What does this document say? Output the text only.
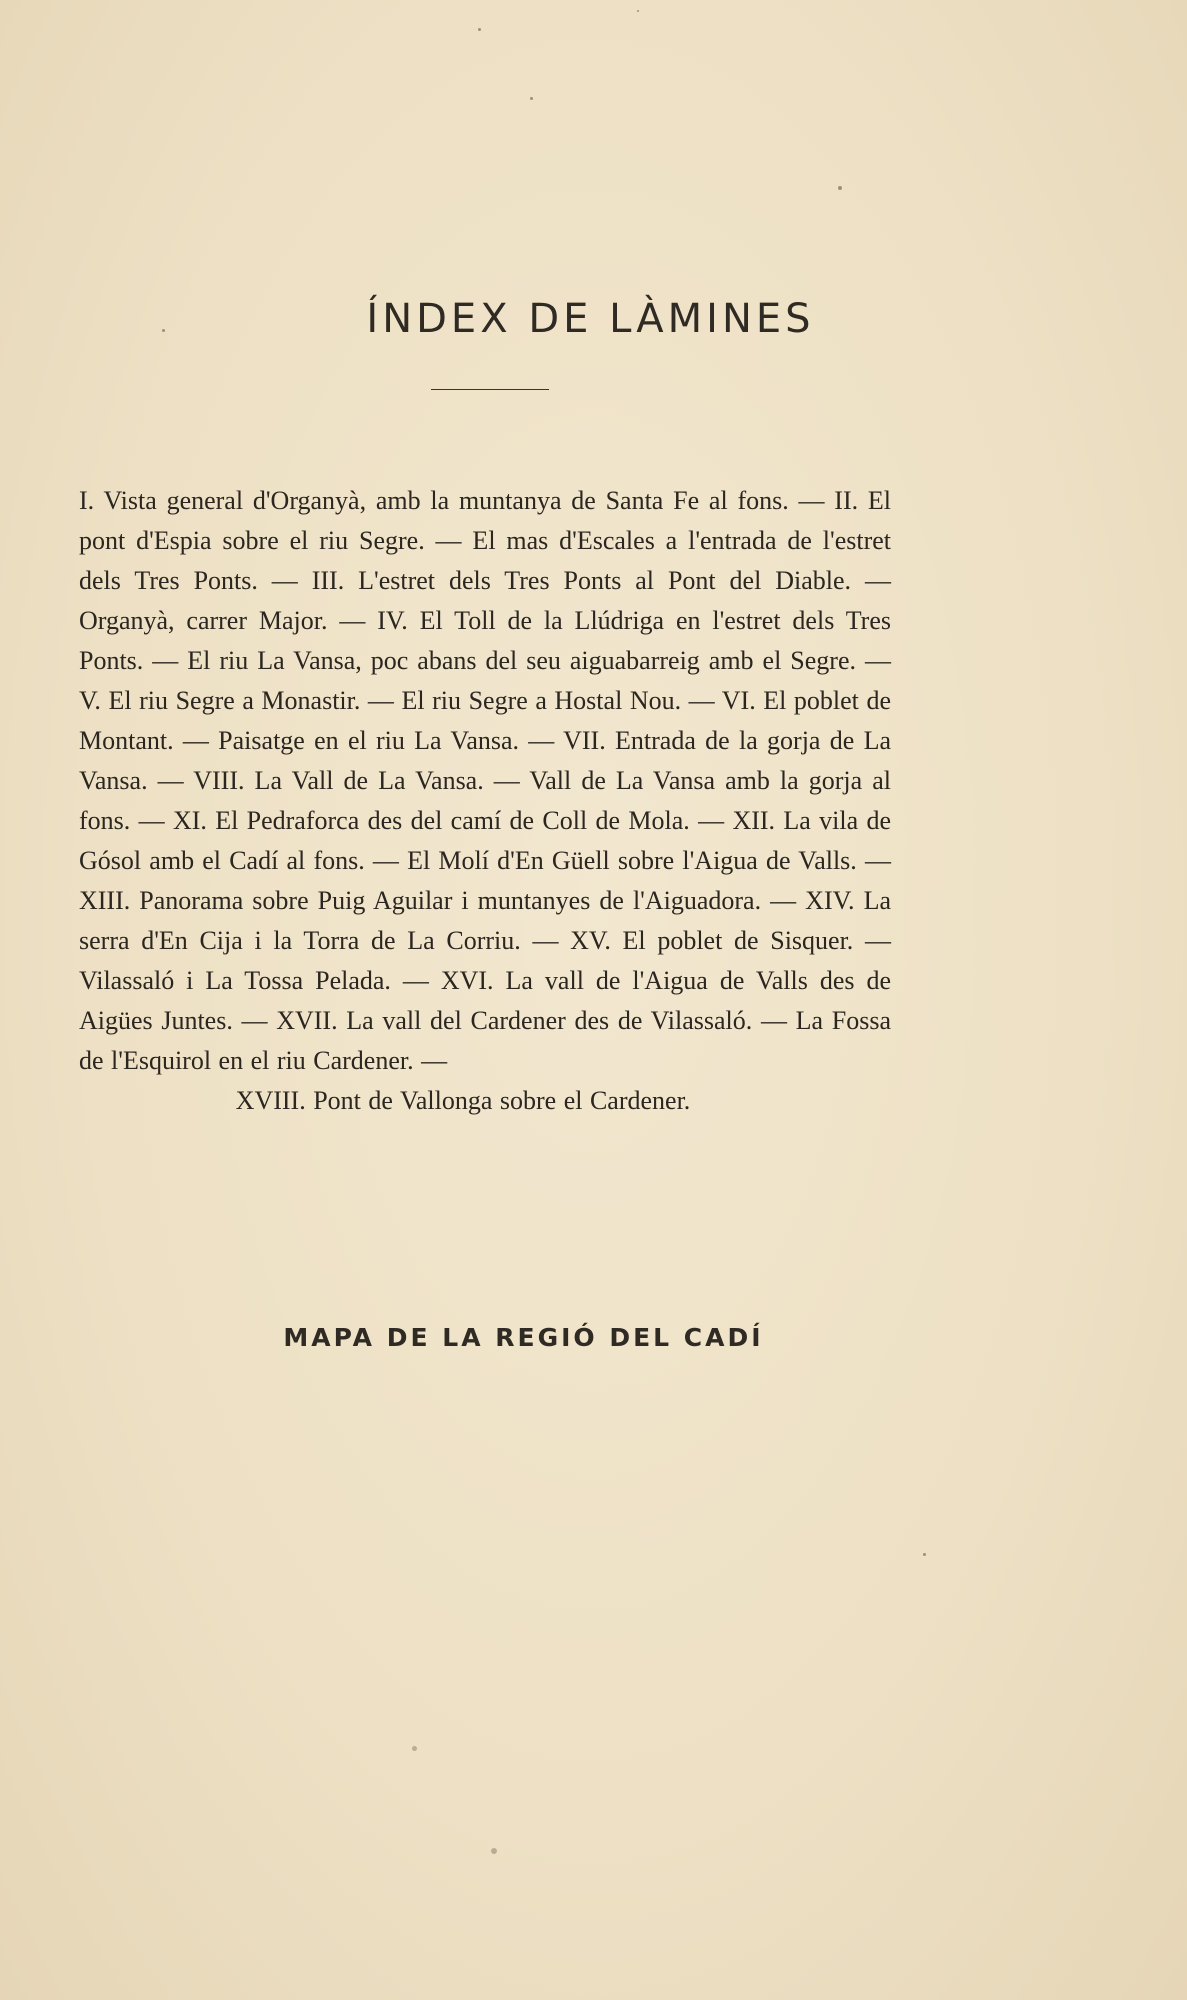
ÍNDEX DE LÀMINES

I. Vista general d'Organyà, amb la muntanya de Santa Fe al fons. — II. El pont d'Espia sobre el riu Segre. — El mas d'Escales a l'entrada de l'estret dels Tres Ponts. — III. L'estret dels Tres Ponts al Pont del Diable. — Organyà, carrer Major. — IV. El Toll de la Llúdriga en l'estret dels Tres Ponts. — El riu La Vansa, poc abans del seu aiguabarreig amb el Segre. — V. El riu Segre a Monastir. — El riu Segre a Hostal Nou. — VI. El poblet de Montant. — Paisatge en el riu La Vansa. — VII. Entrada de la gorja de La Vansa. — VIII. La Vall de La Vansa. — Vall de La Vansa amb la gorja al fons. — XI. El Pedraforca des del camí de Coll de Mola. — XII. La vila de Gósol amb el Cadí al fons. — El Molí d'En Güell sobre l'Aigua de Valls. — XIII. Panorama sobre Puig Aguilar i muntanyes de l'Aiguadora. — XIV. La serra d'En Cija i la Torra de La Corriu. — XV. El poblet de Sisquer. — Vilassaló i La Tossa Pelada. — XVI. La vall de l'Aigua de Valls des de Aigües Juntes. — XVII. La vall del Cardener des de Vilassaló. — La Fossa de l'Esquirol en el riu Cardener. —
XVIII. Pont de Vallonga sobre el Cardener.

MAPA DE LA REGIÓ DEL CADÍ
